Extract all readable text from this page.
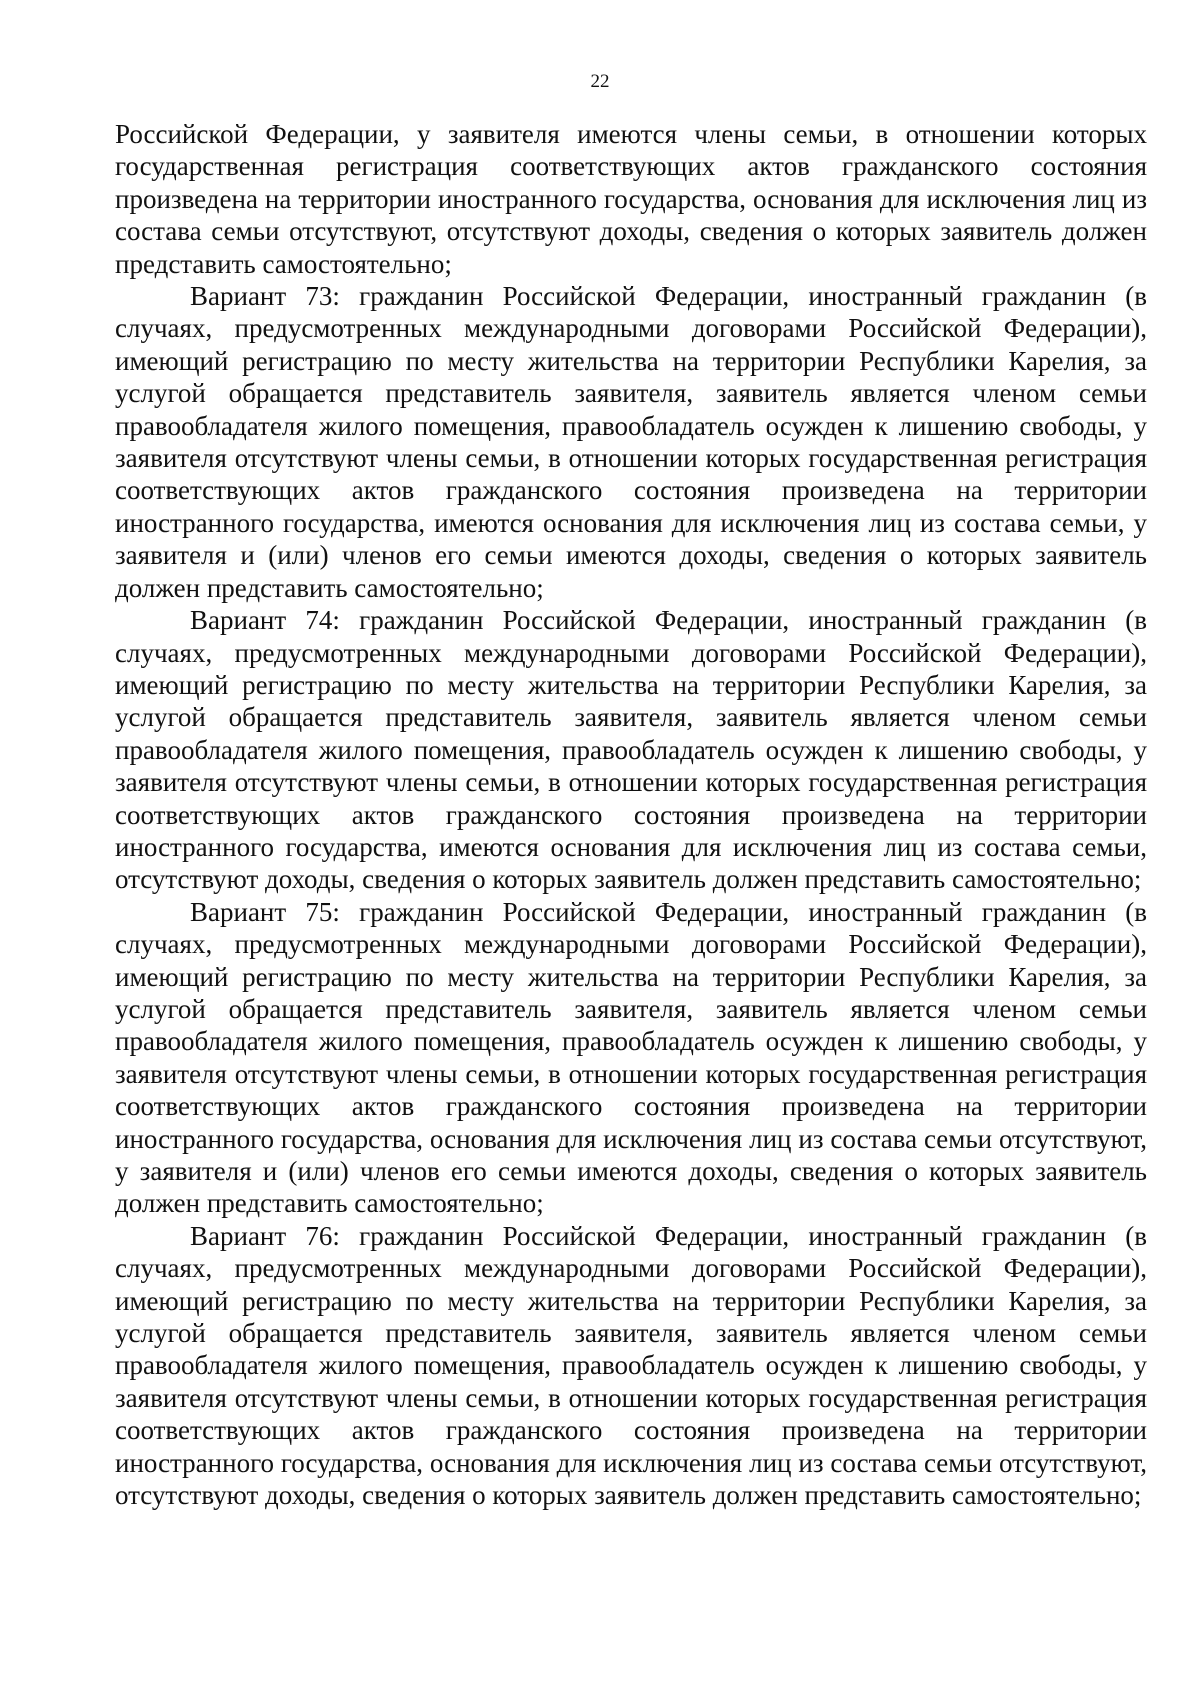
22

Российской Федерации, у заявителя имеются члены семьи, в отношении которых государственная регистрация соответствующих актов гражданского состояния произведена на территории иностранного государства, основания для исключения лиц из состава семьи отсутствуют, отсутствуют доходы, сведения о которых заявитель должен представить самостоятельно;

Вариант 73: гражданин Российской Федерации, иностранный гражданин (в случаях, предусмотренных международными договорами Российской Федерации), имеющий регистрацию по месту жительства на территории Республики Карелия, за услугой обращается представитель заявителя, заявитель является членом семьи правообладателя жилого помещения, правообладатель осужден к лишению свободы, у заявителя отсутствуют члены семьи, в отношении которых государственная регистрация соответствующих актов гражданского состояния произведена на территории иностранного государства, имеются основания для исключения лиц из состава семьи, у заявителя и (или) членов его семьи имеются доходы, сведения о которых заявитель должен представить самостоятельно;

Вариант 74: гражданин Российской Федерации, иностранный гражданин (в случаях, предусмотренных международными договорами Российской Федерации), имеющий регистрацию по месту жительства на территории Республики Карелия, за услугой обращается представитель заявителя, заявитель является членом семьи правообладателя жилого помещения, правообладатель осужден к лишению свободы, у заявителя отсутствуют члены семьи, в отношении которых государственная регистрация соответствующих актов гражданского состояния произведена на территории иностранного государства, имеются основания для исключения лиц из состава семьи, отсутствуют доходы, сведения о которых заявитель должен представить самостоятельно;

Вариант 75: гражданин Российской Федерации, иностранный гражданин (в случаях, предусмотренных международными договорами Российской Федерации), имеющий регистрацию по месту жительства на территории Республики Карелия, за услугой обращается представитель заявителя, заявитель является членом семьи правообладателя жилого помещения, правообладатель осужден к лишению свободы, у заявителя отсутствуют члены семьи, в отношении которых государственная регистрация соответствующих актов гражданского состояния произведена на территории иностранного государства, основания для исключения лиц из состава семьи отсутствуют, у заявителя и (или) членов его семьи имеются доходы, сведения о которых заявитель должен представить самостоятельно;

Вариант 76: гражданин Российской Федерации, иностранный гражданин (в случаях, предусмотренных международными договорами Российской Федерации), имеющий регистрацию по месту жительства на территории Республики Карелия, за услугой обращается представитель заявителя, заявитель является членом семьи правообладателя жилого помещения, правообладатель осужден к лишению свободы, у заявителя отсутствуют члены семьи, в отношении которых государственная регистрация соответствующих актов гражданского состояния произведена на территории иностранного государства, основания для исключения лиц из состава семьи отсутствуют, отсутствуют доходы, сведения о которых заявитель должен представить самостоятельно;
